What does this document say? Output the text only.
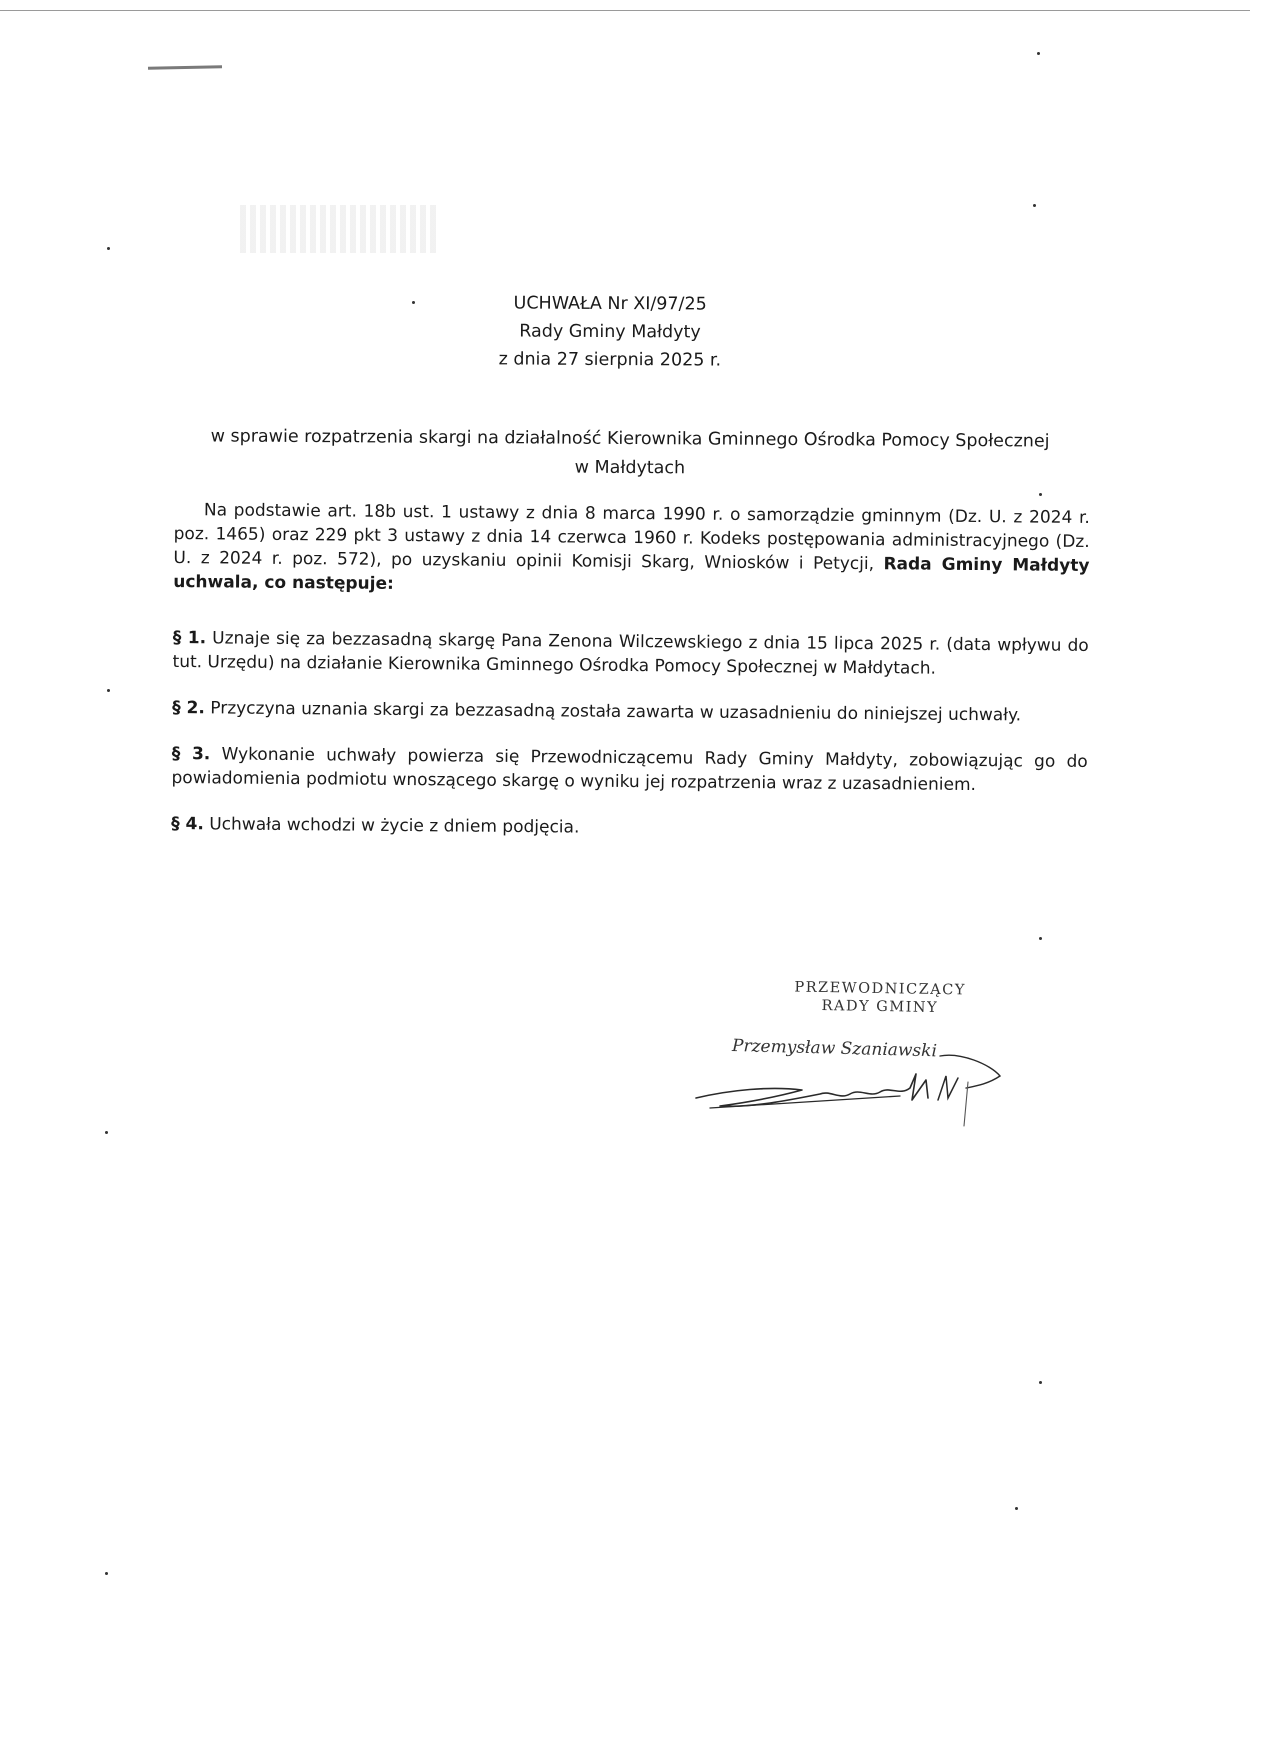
UCHWAŁA Nr XI/97/25
Rady Gminy Małdyty
z dnia 27 sierpnia 2025 r.
w sprawie rozpatrzenia skargi na działalność Kierownika Gminnego Ośrodka Pomocy Społecznej
w Małdytach

Na podstawie art. 18b ust. 1 ustawy z dnia 8 marca 1990 r. o samorządzie gminnym (Dz. U. z 2024 r. poz. 1465) oraz 229 pkt 3 ustawy z dnia 14 czerwca 1960 r. Kodeks postępowania administracyjnego (Dz. U. z 2024 r. poz. 572), po uzyskaniu opinii Komisji Skarg, Wniosków i Petycji, Rada Gminy Małdyty uchwala, co następuje:

§ 1. Uznaje się za bezzasadną skargę Pana Zenona Wilczewskiego z dnia 15 lipca 2025 r. (data wpływu do tut. Urzędu) na działanie Kierownika Gminnego Ośrodka Pomocy Społecznej w Małdytach.

§ 2. Przyczyna uznania skargi za bezzasadną została zawarta w uzasadnieniu do niniejszej uchwały.

§ 3. Wykonanie uchwały powierza się Przewodniczącemu Rady Gminy Małdyty, zobowiązując go do powiadomienia podmiotu wnoszącego skargę o wyniku jej rozpatrzenia wraz z uzasadnieniem.

§ 4. Uchwała wchodzi w życie z dniem podjęcia.

PRZEWODNICZĄCY
RADY GMINY
Przemysław Szaniawski
